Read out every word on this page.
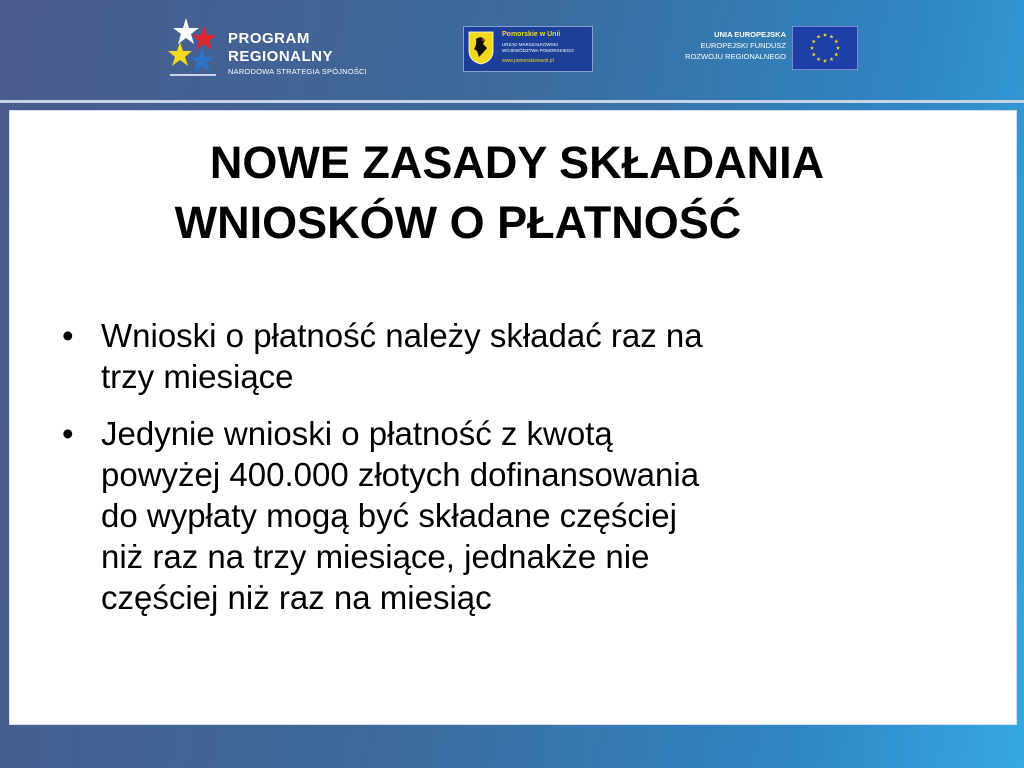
PROGRAM
REGIONALNY
NARODOWA STRATEGIA SPÓJNOŚCI
Pomorskie w Unii
URZĄD MARSZAŁKOWSKI
WOJEWÓDZTWA POMORSKIEGO
www.pomorskiewunii.pl
UNIA EUROPEJSKA
EUROPEJSKI FUNDUSZ
ROZWOJU REGIONALNEGO
NOWE ZASADY SKŁADANIA
WNIOSKÓW O PŁATNOŚĆ
• Wnioski o płatność należy składać raz na
trzy miesiące
• Jedynie wnioski o płatność z kwotą
powyżej 400.000 złotych dofinansowania
do wypłaty mogą być składane częściej
niż raz na trzy miesiące, jednakże nie
częściej niż raz na miesiąc
